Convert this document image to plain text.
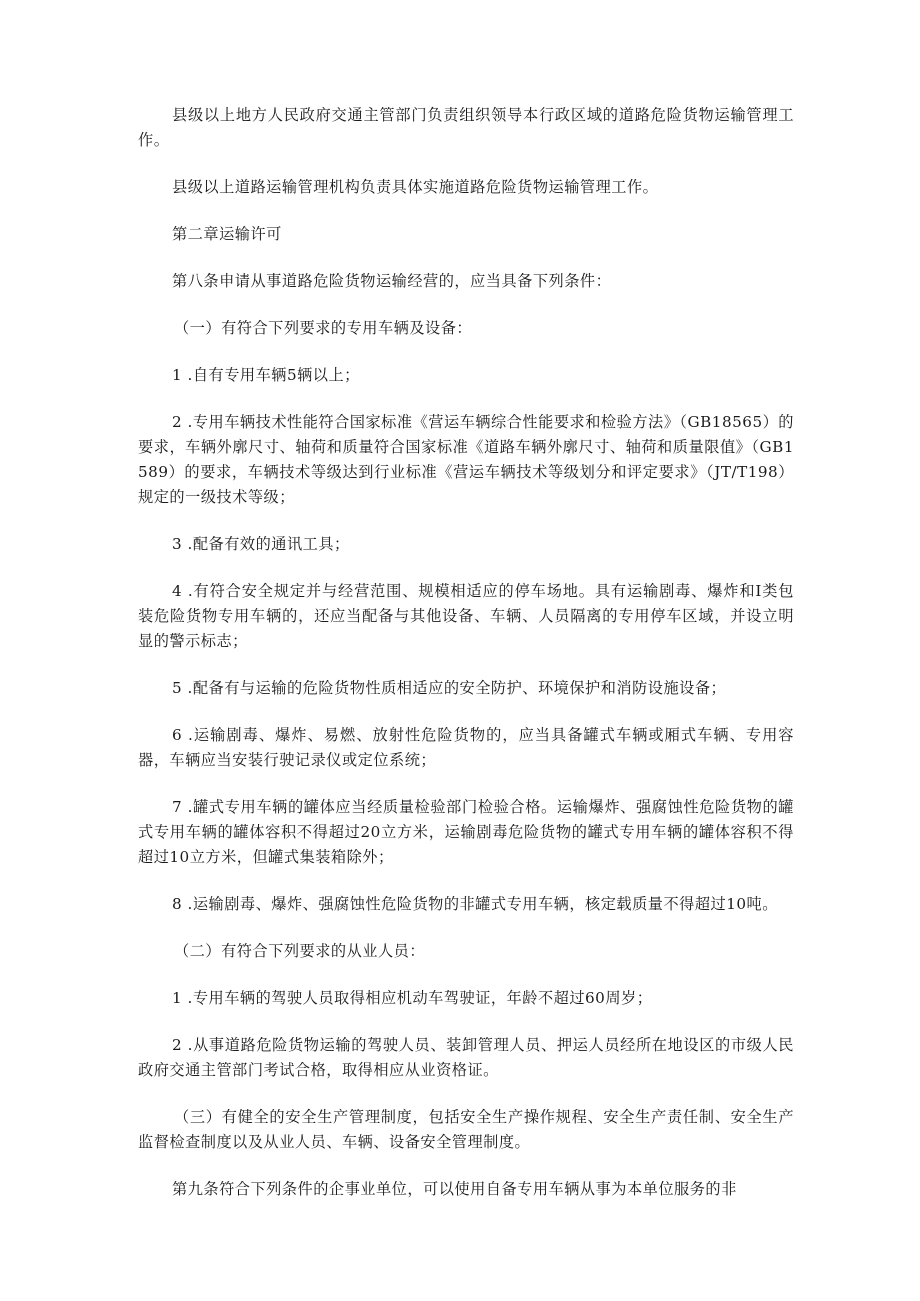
县级以上地方人民政府交通主管部门负责组织领导本行政区域的道路危险货物运输管理工作。

县级以上道路运输管理机构负责具体实施道路危险货物运输管理工作。

第二章运输许可

第八条申请从事道路危险货物运输经营的，应当具备下列条件：

（一）有符合下列要求的专用车辆及设备：

1 .自有专用车辆5辆以上；

2 .专用车辆技术性能符合国家标准《营运车辆综合性能要求和检验方法》（GB18565）的要求，车辆外廓尺寸、轴荷和质量符合国家标准《道路车辆外廓尺寸、轴荷和质量限值》（GB1589）的要求，车辆技术等级达到行业标准《营运车辆技术等级划分和评定要求》（JT/T198）规定的一级技术等级；

3 .配备有效的通讯工具；

4 .有符合安全规定并与经营范围、规模相适应的停车场地。具有运输剧毒、爆炸和Ⅰ类包装危险货物专用车辆的，还应当配备与其他设备、车辆、人员隔离的专用停车区域，并设立明显的警示标志；

5 .配备有与运输的危险货物性质相适应的安全防护、环境保护和消防设施设备；

6 .运输剧毒、爆炸、易燃、放射性危险货物的，应当具备罐式车辆或厢式车辆、专用容器，车辆应当安装行驶记录仪或定位系统；

7 .罐式专用车辆的罐体应当经质量检验部门检验合格。运输爆炸、强腐蚀性危险货物的罐式专用车辆的罐体容积不得超过20立方米，运输剧毒危险货物的罐式专用车辆的罐体容积不得超过10立方米，但罐式集装箱除外；

8 .运输剧毒、爆炸、强腐蚀性危险货物的非罐式专用车辆，核定载质量不得超过10吨。

（二）有符合下列要求的从业人员：

1 .专用车辆的驾驶人员取得相应机动车驾驶证，年龄不超过60周岁；

2 .从事道路危险货物运输的驾驶人员、装卸管理人员、押运人员经所在地设区的市级人民政府交通主管部门考试合格，取得相应从业资格证。

（三）有健全的安全生产管理制度，包括安全生产操作规程、安全生产责任制、安全生产监督检查制度以及从业人员、车辆、设备安全管理制度。

第九条符合下列条件的企事业单位，可以使用自备专用车辆从事为本单位服务的非
